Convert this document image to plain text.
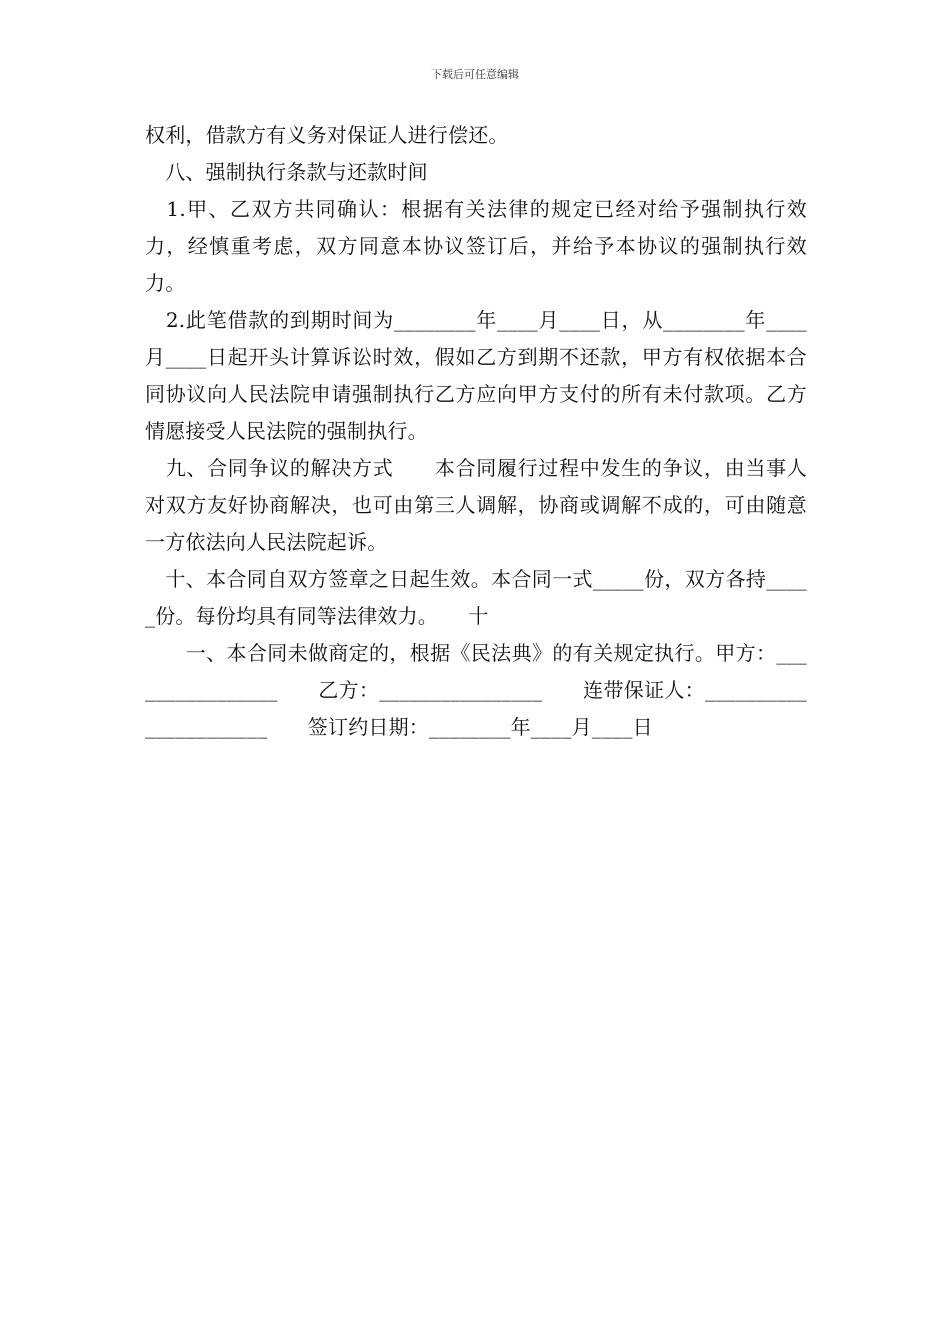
下载后可任意编辑

权利，借款方有义务对保证人进行偿还。

　八、强制执行条款与还款时间

　1.甲、乙双方共同确认：根据有关法律的规定已经对给予强制执行效力，经慎重考虑，双方同意本协议签订后，并给予本协议的强制执行效力。

　2.此笔借款的到期时间为________年____月____日，从________年____月____日起开头计算诉讼时效，假如乙方到期不还款，甲方有权依据本合同协议向人民法院申请强制执行乙方应向甲方支付的所有未付款项。乙方情愿接受人民法院的强制执行。

　九、合同争议的解决方式　　本合同履行过程中发生的争议，由当事人对双方友好协商解决，也可由第三人调解，协商或调解不成的，可由随意一方依法向人民法院起诉。

　十、本合同自双方签章之日起生效。本合同一式_____份，双方各持_____份。每份均具有同等法律效力。　　十

　　一、本合同未做商定的，根据《民法典》的有关规定执行。甲方：________________　　乙方：________________　　连带保证人：______________________　　签订约日期：________年____月____日
